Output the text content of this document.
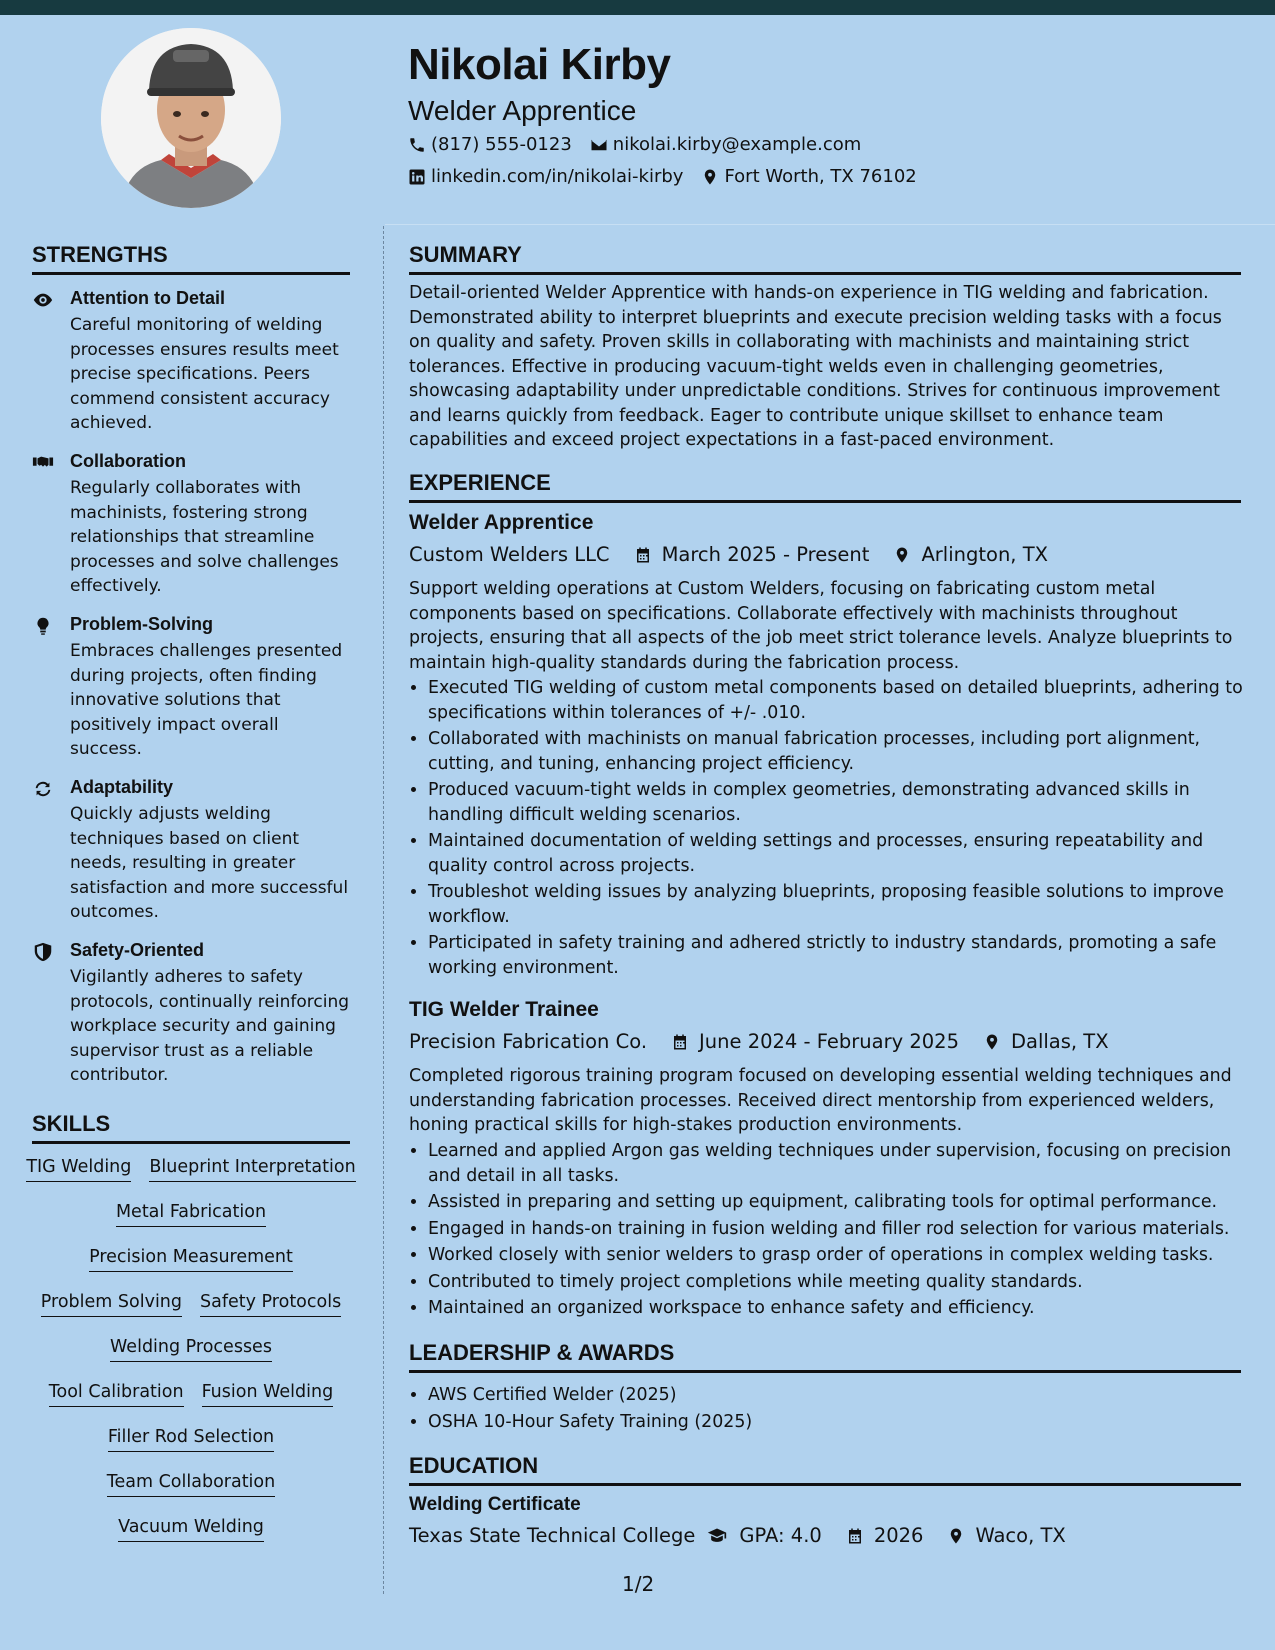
Nikolai Kirby
Welder Apprentice
(817) 555-0123 nikolai.kirby@example.com
linkedin.com/in/nikolai-kirby Fort Worth, TX 76102
STRENGTHS
Attention to Detail
Careful monitoring of welding processes ensures results meet precise specifications. Peers commend consistent accuracy achieved.
Collaboration
Regularly collaborates with machinists, fostering strong relationships that streamline processes and solve challenges effectively.
Problem-Solving
Embraces challenges presented during projects, often finding innovative solutions that positively impact overall success.
Adaptability
Quickly adjusts welding techniques based on client needs, resulting in greater satisfaction and more successful outcomes.
Safety-Oriented
Vigilantly adheres to safety protocols, continually reinforcing workplace security and gaining supervisor trust as a reliable contributor.
SKILLS
TIG Welding Blueprint Interpretation
Metal Fabrication
Precision Measurement
Problem Solving Safety Protocols
Welding Processes
Tool Calibration Fusion Welding
Filler Rod Selection
Team Collaboration
Vacuum Welding
SUMMARY

Detail-oriented Welder Apprentice with hands-on experience in TIG welding and fabrication. Demonstrated ability to interpret blueprints and execute precision welding tasks with a focus on quality and safety. Proven skills in collaborating with machinists and maintaining strict tolerances. Effective in producing vacuum-tight welds even in challenging geometries, showcasing adaptability under unpredictable conditions. Strives for continuous improvement and learns quickly from feedback. Eager to contribute unique skillset to enhance team capabilities and exceed project expectations in a fast-paced environment.

EXPERIENCE
Welder Apprentice
Custom Welders LLC	March 2025 - Present	Arlington, TX

Support welding operations at Custom Welders, focusing on fabricating custom metal components based on specifications. Collaborate effectively with machinists throughout projects, ensuring that all aspects of the job meet strict tolerance levels. Analyze blueprints to maintain high-quality standards during the fabrication process.

• Executed TIG welding of custom metal components based on detailed blueprints, adhering to specifications within tolerances of +/- .010.
• Collaborated with machinists on manual fabrication processes, including port alignment, cutting, and tuning, enhancing project efficiency.
• Produced vacuum-tight welds in complex geometries, demonstrating advanced skills in handling difficult welding scenarios.
• Maintained documentation of welding settings and processes, ensuring repeatability and quality control across projects.
• Troubleshot welding issues by analyzing blueprints, proposing feasible solutions to improve workflow.
• Participated in safety training and adhered strictly to industry standards, promoting a safe working environment.
TIG Welder Trainee
Precision Fabrication Co.	June 2024 - February 2025	Dallas, TX

Completed rigorous training program focused on developing essential welding techniques and understanding fabrication processes. Received direct mentorship from experienced welders, honing practical skills for high-stakes production environments.

• Learned and applied Argon gas welding techniques under supervision, focusing on precision and detail in all tasks.
• Assisted in preparing and setting up equipment, calibrating tools for optimal performance.
• Engaged in hands-on training in fusion welding and filler rod selection for various materials.
• Worked closely with senior welders to grasp order of operations in complex welding tasks.
• Contributed to timely project completions while meeting quality standards.
• Maintained an organized workspace to enhance safety and efficiency.
LEADERSHIP & AWARDS
• AWS Certified Welder (2025)
• OSHA 10-Hour Safety Training (2025)
EDUCATION
Welding Certificate
Texas State Technical College GPA: 4.0	2026	Waco, TX
1/2
